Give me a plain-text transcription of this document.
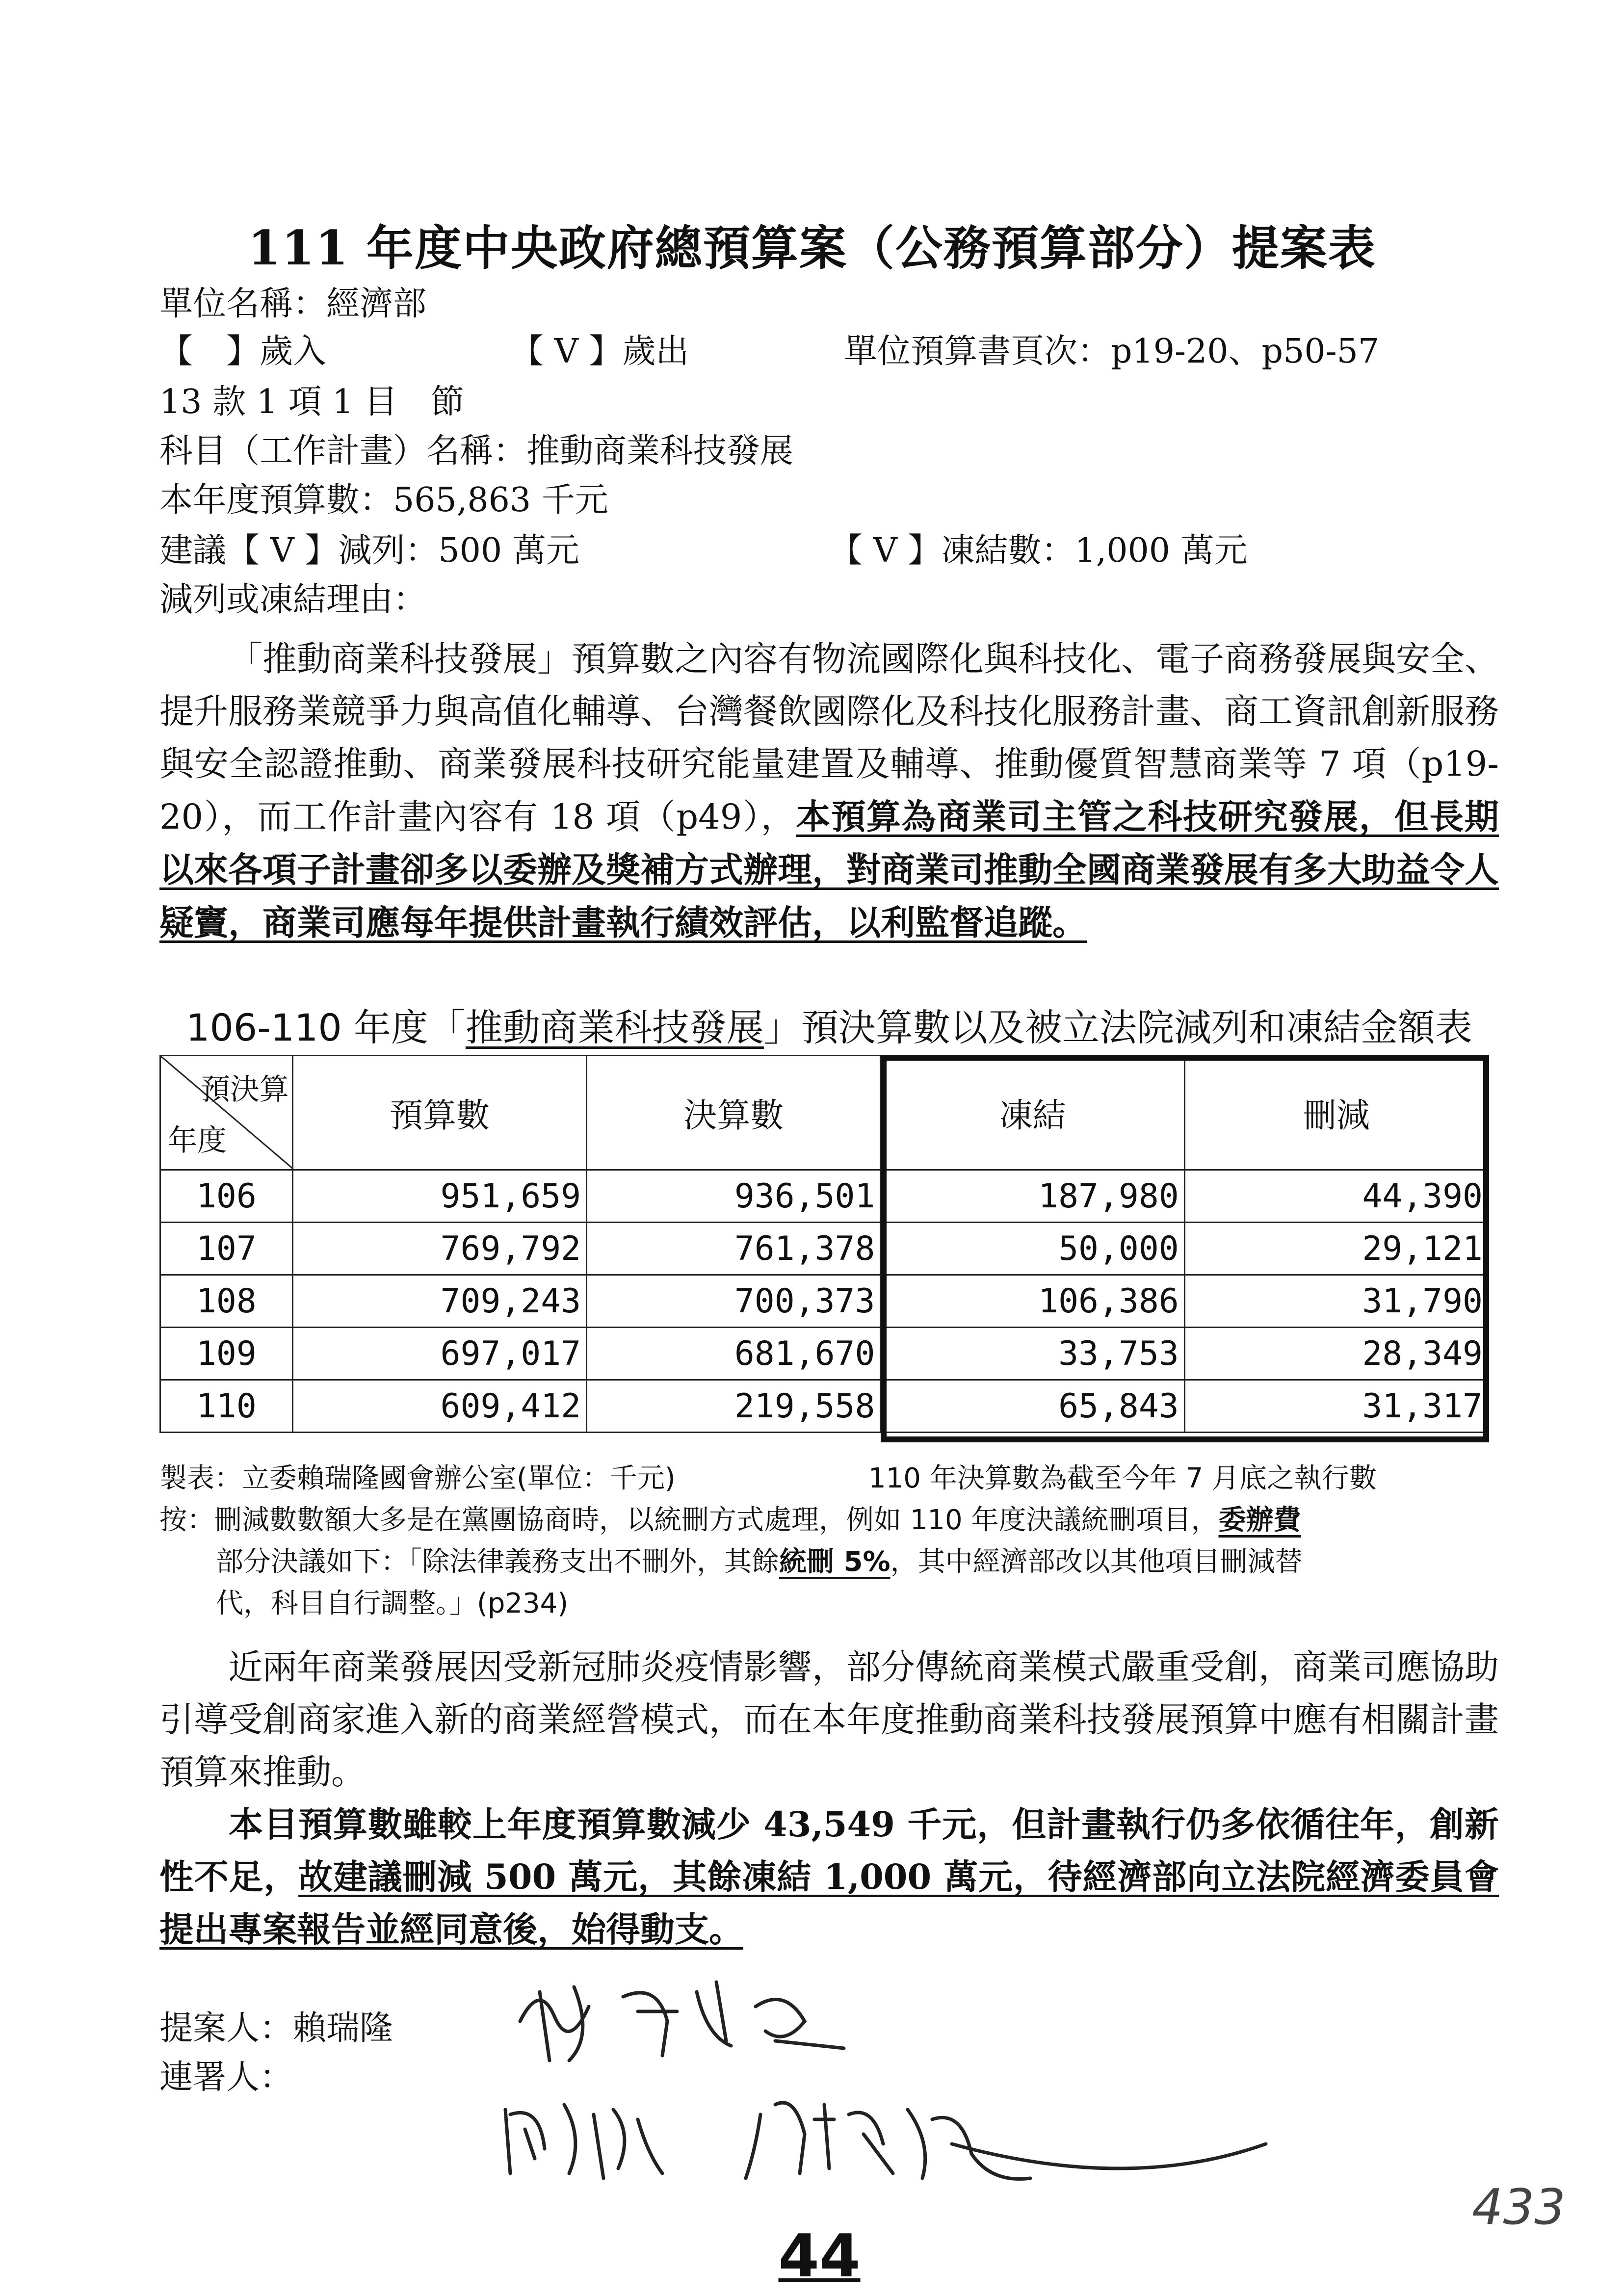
111 年度中央政府總預算案（公務預算部分）提案表
單位名稱：經濟部
【　】歲入	【 V 】歲出	單位預算書頁次：p19-20、p50-57
13 款 1 項 1 目　節
科目（工作計畫）名稱：推動商業科技發展
本年度預算數：565,863 千元
建議【 V 】減列：500 萬元	【 V 】凍結數：1,000 萬元
減列或凍結理由：
「推動商業科技發展」預算數之內容有物流國際化與科技化、電子商務發展與安全、提升服務業競爭力與高值化輔導、台灣餐飲國際化及科技化服務計畫、商工資訊創新服務與安全認證推動、商業發展科技研究能量建置及輔導、推動優質智慧商業等 7 項（p19-20），而工作計畫內容有 18 項（p49），本預算為商業司主管之科技研究發展，但長期以來各項子計畫卻多以委辦及獎補方式辦理，對商業司推動全國商業發展有多大助益令人疑竇，商業司應每年提供計畫執行績效評估，以利監督追蹤。
106-110 年度「推動商業科技發展」預決算數以及被立法院減列和凍結金額表
預決算
年度	預算數	決算數	凍結	刪減
106	951,659	936,501	187,980	44,390
107	769,792	761,378	50,000	29,121
108	709,243	700,373	106,386	31,790
109	697,017	681,670	33,753	28,349
110	609,412	219,558	65,843	31,317
製表：立委賴瑞隆國會辦公室(單位：千元)	110 年決算數為截至今年 7 月底之執行數
按：刪減數數額大多是在黨團協商時，以統刪方式處理，例如 110 年度決議統刪項目，委辦費
部分決議如下：「除法律義務支出不刪外，其餘統刪 5%，其中經濟部改以其他項目刪減替
代，科目自行調整。」(p234)
近兩年商業發展因受新冠肺炎疫情影響，部分傳統商業模式嚴重受創，商業司應協助引導受創商家進入新的商業經營模式，而在本年度推動商業科技發展預算中應有相關計畫預算來推動。
本目預算數雖較上年度預算數減少 43,549 千元，但計畫執行仍多依循往年，創新性不足，故建議刪減 500 萬元，其餘凍結 1,000 萬元，待經濟部向立法院經濟委員會提出專案報告並經同意後，始得動支。
提案人：賴瑞隆
連署人：
44
433
